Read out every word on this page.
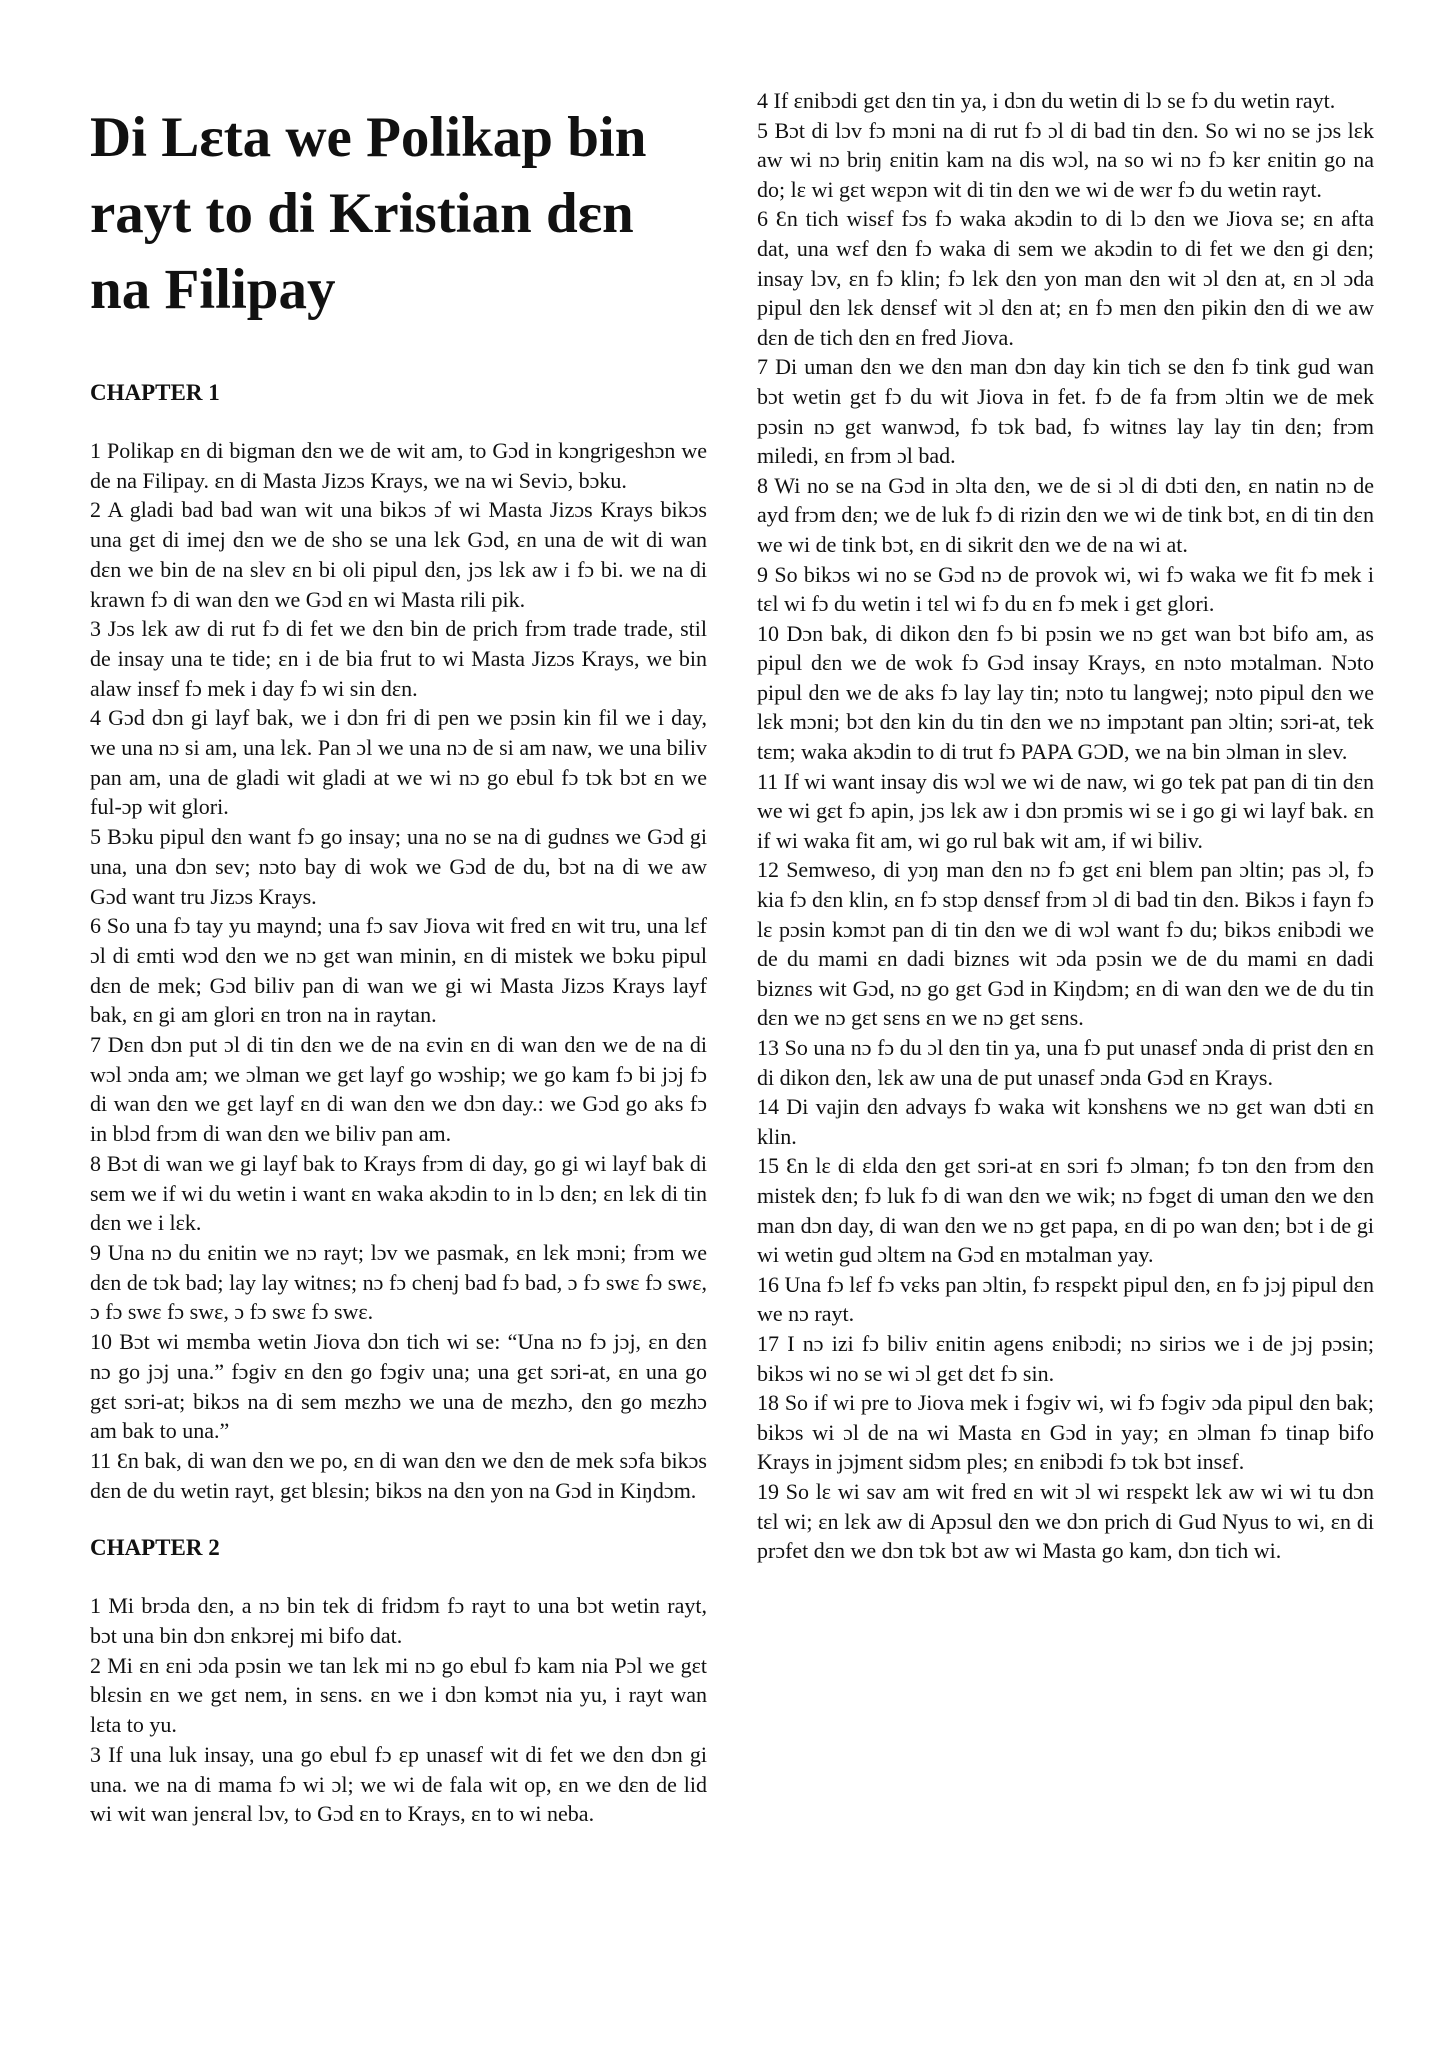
Di Lɛta we Polikap bin rayt to di Kristian dɛn na Filipay
CHAPTER 1

1 Polikap ɛn di bigman dɛn we de wit am, to Gɔd in kɔngrigeshɔn we de na Filipay. ɛn di Masta Jizɔs Krays, we na wi Seviɔ, bɔku.

2 A gladi bad bad wan wit una bikɔs ɔf wi Masta Jizɔs Krays bikɔs una gɛt di imej dɛn we de sho se una lɛk Gɔd, ɛn una de wit di wan dɛn we bin de na slev ɛn bi oli pipul dɛn, jɔs lɛk aw i fɔ bi. we na di krawn fɔ di wan dɛn we Gɔd ɛn wi Masta rili pik.

3 Jɔs lɛk aw di rut fɔ di fet we dɛn bin de prich frɔm trade trade, stil de insay una te tide; ɛn i de bia frut to wi Masta Jizɔs Krays, we bin alaw insɛf fɔ mek i day fɔ wi sin dɛn.

4 Gɔd dɔn gi layf bak, we i dɔn fri di pen we pɔsin kin fil we i day, we una nɔ si am, una lɛk. Pan ɔl we una nɔ de si am naw, we una biliv pan am, una de gladi wit gladi at we wi nɔ go ebul fɔ tɔk bɔt ɛn we ful-ɔp wit glori.

5 Bɔku pipul dɛn want fɔ go insay; una no se na di gudnɛs we Gɔd gi una, una dɔn sev; nɔto bay di wok we Gɔd de du, bɔt na di we aw Gɔd want tru Jizɔs Krays.

6 So una fɔ tay yu maynd; una fɔ sav Jiova wit fred ɛn wit tru, una lɛf ɔl di ɛmti wɔd dɛn we nɔ gɛt wan minin, ɛn di mistek we bɔku pipul dɛn de mek; Gɔd biliv pan di wan we gi wi Masta Jizɔs Krays layf bak, ɛn gi am glori ɛn tron na in raytan.

7 Dɛn dɔn put ɔl di tin dɛn we de na ɛvin ɛn di wan dɛn we de na di wɔl ɔnda am; we ɔlman we gɛt layf go wɔship; we go kam fɔ bi jɔj fɔ di wan dɛn we gɛt layf ɛn di wan dɛn we dɔn day.: we Gɔd go aks fɔ in blɔd frɔm di wan dɛn we biliv pan am.

8 Bɔt di wan we gi layf bak to Krays frɔm di day, go gi wi layf bak di sem we if wi du wetin i want ɛn waka akɔdin to in lɔ dɛn; ɛn lɛk di tin dɛn we i lɛk.

9 Una nɔ du ɛnitin we nɔ rayt; lɔv we pasmak, ɛn lɛk mɔni; frɔm we dɛn de tɔk bad; lay lay witnɛs; nɔ fɔ chenj bad fɔ bad, ɔ fɔ swɛ fɔ swɛ, ɔ fɔ swɛ fɔ swɛ, ɔ fɔ swɛ fɔ swɛ.

10 Bɔt wi mɛmba wetin Jiova dɔn tich wi se: “Una nɔ fɔ jɔj, ɛn dɛn nɔ go jɔj una.” fɔgiv ɛn dɛn go fɔgiv una; una gɛt sɔri-at, ɛn una go gɛt sɔri-at; bikɔs na di sem mɛzhɔ we una de mɛzhɔ, dɛn go mɛzhɔ am bak to una.”

11 Ɛn bak, di wan dɛn we po, ɛn di wan dɛn we dɛn de mek sɔfa bikɔs dɛn de du wetin rayt, gɛt blɛsin; bikɔs na dɛn yon na Gɔd in Kiŋdɔm.

CHAPTER 2

1 Mi brɔda dɛn, a nɔ bin tek di fridɔm fɔ rayt to una bɔt wetin rayt, bɔt una bin dɔn ɛnkɔrej mi bifo dat.

2 Mi ɛn ɛni ɔda pɔsin we tan lɛk mi nɔ go ebul fɔ kam nia Pɔl we gɛt blɛsin ɛn we gɛt nem, in sɛns. ɛn we i dɔn kɔmɔt nia yu, i rayt wan lɛta to yu.

3 If una luk insay, una go ebul fɔ ɛp unasɛf wit di fet we dɛn dɔn gi una. we na di mama fɔ wi ɔl; we wi de fala wit op, ɛn we dɛn de lid wi wit wan jenɛral lɔv, to Gɔd ɛn to Krays, ɛn to wi neba.

4 If ɛnibɔdi gɛt dɛn tin ya, i dɔn du wetin di lɔ se fɔ du wetin rayt.

5 Bɔt di lɔv fɔ mɔni na di rut fɔ ɔl di bad tin dɛn. So wi no se jɔs lɛk aw wi nɔ briŋ ɛnitin kam na dis wɔl, na so wi nɔ fɔ kɛr ɛnitin go na do; lɛ wi gɛt wɛpɔn wit di tin dɛn we wi de wɛr fɔ du wetin rayt.

6 Ɛn tich wisɛf fɔs fɔ waka akɔdin to di lɔ dɛn we Jiova se; ɛn afta dat, una wɛf dɛn fɔ waka di sem we akɔdin to di fet we dɛn gi dɛn; insay lɔv, ɛn fɔ klin; fɔ lɛk dɛn yon man dɛn wit ɔl dɛn at, ɛn ɔl ɔda pipul dɛn lɛk dɛnsɛf wit ɔl dɛn at; ɛn fɔ mɛn dɛn pikin dɛn di we aw dɛn de tich dɛn ɛn fred Jiova.

7 Di uman dɛn we dɛn man dɔn day kin tich se dɛn fɔ tink gud wan bɔt wetin gɛt fɔ du wit Jiova in fet. fɔ de fa frɔm ɔltin we de mek pɔsin nɔ gɛt wanwɔd, fɔ tɔk bad, fɔ witnɛs lay lay tin dɛn; frɔm miledi, ɛn frɔm ɔl bad.

8 Wi no se na Gɔd in ɔlta dɛn, we de si ɔl di dɔti dɛn, ɛn natin nɔ de ayd frɔm dɛn; we de luk fɔ di rizin dɛn we wi de tink bɔt, ɛn di tin dɛn we wi de tink bɔt, ɛn di sikrit dɛn we de na wi at.

9 So bikɔs wi no se Gɔd nɔ de provok wi, wi fɔ waka we fit fɔ mek i tɛl wi fɔ du wetin i tɛl wi fɔ du ɛn fɔ mek i gɛt glori.

10 Dɔn bak, di dikon dɛn fɔ bi pɔsin we nɔ gɛt wan bɔt bifo am, as pipul dɛn we de wok fɔ Gɔd insay Krays, ɛn nɔto mɔtalman. Nɔto pipul dɛn we de aks fɔ lay lay tin; nɔto tu langwej; nɔto pipul dɛn we lɛk mɔni; bɔt dɛn kin du tin dɛn we nɔ impɔtant pan ɔltin; sɔri-at, tek tɛm; waka akɔdin to di trut fɔ PAPA GƆD, we na bin ɔlman in slev.

11 If wi want insay dis wɔl we wi de naw, wi go tek pat pan di tin dɛn we wi gɛt fɔ apin, jɔs lɛk aw i dɔn prɔmis wi se i go gi wi layf bak. ɛn if wi waka fit am, wi go rul bak wit am, if wi biliv.

12 Semweso, di yɔŋ man dɛn nɔ fɔ gɛt ɛni blem pan ɔltin; pas ɔl, fɔ kia fɔ dɛn klin, ɛn fɔ stɔp dɛnsɛf frɔm ɔl di bad tin dɛn. Bikɔs i fayn fɔ lɛ pɔsin kɔmɔt pan di tin dɛn we di wɔl want fɔ du; bikɔs ɛnibɔdi we de du mami ɛn dadi biznɛs wit ɔda pɔsin we de du mami ɛn dadi biznɛs wit Gɔd, nɔ go gɛt Gɔd in Kiŋdɔm; ɛn di wan dɛn we de du tin dɛn we nɔ gɛt sɛns ɛn we nɔ gɛt sɛns.

13 So una nɔ fɔ du ɔl dɛn tin ya, una fɔ put unasɛf ɔnda di prist dɛn ɛn di dikon dɛn, lɛk aw una de put unasɛf ɔnda Gɔd ɛn Krays.

14 Di vajin dɛn advays fɔ waka wit kɔnshɛns we nɔ gɛt wan dɔti ɛn klin.

15 Ɛn lɛ di ɛlda dɛn gɛt sɔri-at ɛn sɔri fɔ ɔlman; fɔ tɔn dɛn frɔm dɛn mistek dɛn; fɔ luk fɔ di wan dɛn we wik; nɔ fɔgɛt di uman dɛn we dɛn man dɔn day, di wan dɛn we nɔ gɛt papa, ɛn di po wan dɛn; bɔt i de gi wi wetin gud ɔltɛm na Gɔd ɛn mɔtalman yay.

16 Una fɔ lɛf fɔ vɛks pan ɔltin, fɔ rɛspɛkt pipul dɛn, ɛn fɔ jɔj pipul dɛn we nɔ rayt.

17 I nɔ izi fɔ biliv ɛnitin agens ɛnibɔdi; nɔ siriɔs we i de jɔj pɔsin; bikɔs wi no se wi ɔl gɛt dɛt fɔ sin.

18 So if wi pre to Jiova mek i fɔgiv wi, wi fɔ fɔgiv ɔda pipul dɛn bak; bikɔs wi ɔl de na wi Masta ɛn Gɔd in yay; ɛn ɔlman fɔ tinap bifo Krays in jɔjmɛnt sidɔm ples; ɛn ɛnibɔdi fɔ tɔk bɔt insɛf.

19 So lɛ wi sav am wit fred ɛn wit ɔl wi rɛspɛkt lɛk aw wi wi tu dɔn tɛl wi; ɛn lɛk aw di Apɔsul dɛn we dɔn prich di Gud Nyus to wi, ɛn di prɔfet dɛn we dɔn tɔk bɔt aw wi Masta go kam, dɔn tich wi.
